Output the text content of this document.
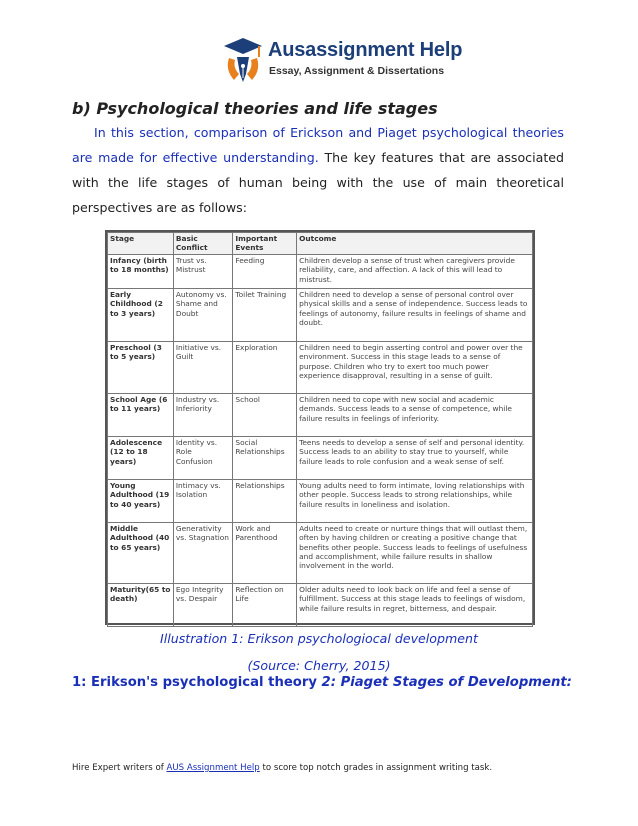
Ausassignment Help
Essay, Assignment & Dissertations
b) Psychological theories and life stages

In this section, comparison of Erickson and Piaget psychological theories are made for effective understanding. The key features that are associated with the life stages of human being with the use of main theoretical perspectives are as follows:

Stage	Basic Conflict	Important Events	Outcome
Infancy (birth to 18 months)	Trust vs. Mistrust	Feeding	Children develop a sense of trust when caregivers provide reliability, care, and affection. A lack of this will lead to mistrust.
Early Childhood (2 to 3 years)	Autonomy vs. Shame and Doubt	Toilet Training	Children need to develop a sense of personal control over physical skills and a sense of independence. Success leads to feelings of autonomy, failure results in feelings of shame and doubt.
Preschool (3 to 5 years)	Initiative vs. Guilt	Exploration	Children need to begin asserting control and power over the environment. Success in this stage leads to a sense of purpose. Children who try to exert too much power experience disapproval, resulting in a sense of guilt.
School Age (6 to 11 years)	Industry vs. Inferiority	School	Children need to cope with new social and academic demands. Success leads to a sense of competence, while failure results in feelings of inferiority.
Adolescence (12 to 18 years)	Identity vs. Role Confusion	Social Relationships	Teens needs to develop a sense of self and personal identity. Success leads to an ability to stay true to yourself, while failure leads to role confusion and a weak sense of self.
Young Adulthood (19 to 40 years)	Intimacy vs. Isolation	Relationships	Young adults need to form intimate, loving relationships with other people. Success leads to strong relationships, while failure results in loneliness and isolation.
Middle Adulthood (40 to 65 years)	Generativity vs. Stagnation	Work and Parenthood	Adults need to create or nurture things that will outlast them, often by having children or creating a positive change that benefits other people. Success leads to feelings of usefulness and accomplishment, while failure results in shallow involvement in the world.
Maturity(65 to death)	Ego Integrity vs. Despair	Reflection on Life	Older adults need to look back on life and feel a sense of fulfillment. Success at this stage leads to feelings of wisdom, while failure results in regret, bitterness, and despair.

Illustration 1: Erikson psychologiocal development

(Source: Cherry, 2015)

1: Erikson's psychological theory 2: Piaget Stages of Development:

Hire Expert writers of AUS Assignment Help to score top notch grades in assignment writing task.
